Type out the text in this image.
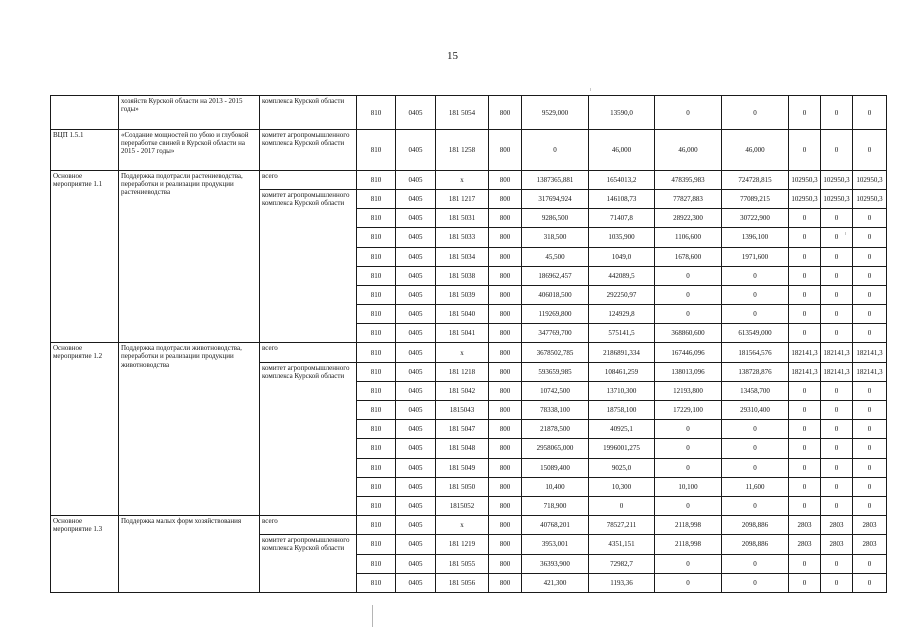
15
	хозяйств Курской области на 2013 - 2015 годы»	комплекса Курской области	810	0405	181 5054	800	9529,000	13590,0	0	0	0	0	0
ВЦП 1.5.1	«Создание мощностей по убою и глубокой переработке свиней в Курской области на 2015 - 2017 годы»	комитет агропромышленного комплекса Курской области	810	0405	181 1258	800	0	46,000	46,000	46,000	0	0	0
Основное мероприятие 1.1	Поддержка подотрасли растениеводства, переработки и реализации продукции растениеводства	всего	810	0405	х	800	1387365,881	1654013,2	478395,983	724728,815	102950,3	102950,3	102950,3
		комитет агропромышленного комплекса Курской области	810	0405	181 1217	800	317694,924	146108,73	77827,883	77089,215	102950,3	102950,3	102950,3
			810	0405	181 5031	800	9286,500	71407,8	28922,300	30722,900	0	0	0
			810	0405	181 5033	800	318,500	1035,900	1106,600	1396,100	0	0	0
			810	0405	181 5034	800	45,500	1049,0	1678,600	1971,600	0	0	0
			810	0405	181 5038	800	186962,457	442089,5	0	0	0	0	0
			810	0405	181 5039	800	406018,500	292250,97	0	0	0	0	0
			810	0405	181 5040	800	119269,800	124929,8	0	0	0	0	0
			810	0405	181 5041	800	347769,700	575141,5	368860,600	613549,000	0	0	0
Основное мероприятие 1.2	Поддержка подотрасли животноводства, переработки и реализации продукции животноводства	всего	810	0405	х	800	3678502,785	2186891,334	167446,096	181564,576	182141,3	182141,3	182141,3
		комитет агропромышленного комплекса Курской области	810	0405	181 1218	800	593659,985	108461,259	138013,096	138728,876	182141,3	182141,3	182141,3
			810	0405	181 5042	800	10742,500	13710,300	12193,800	13458,700	0	0	0
			810	0405	1815043	800	78338,100	18758,100	17229,100	29310,400	0	0	0
			810	0405	181 5047	800	21878,500	40925,1	0	0	0	0	0
			810	0405	181 5048	800	2958065,000	1996001,275	0	0	0	0	0
			810	0405	181 5049	800	15089,400	9025,0	0	0	0	0	0
			810	0405	181 5050	800	10,400	10,300	10,100	11,600	0	0	0
			810	0405	1815052	800	718,900	0	0	0	0	0	0
Основное мероприятие 1.3	Поддержка малых форм хозяйствования	всего	810	0405	х	800	40768,201	78527,211	2118,998	2098,886	2803	2803	2803
		комитет агропромышленного комплекса Курской области	810	0405	181 1219	800	3953,001	4351,151	2118,998	2098,886	2803	2803	2803
			810	0405	181 5055	800	36393,900	72982,7	0	0	0	0	0
			810	0405	181 5056	800	421,300	1193,36	0	0	0	0	0
